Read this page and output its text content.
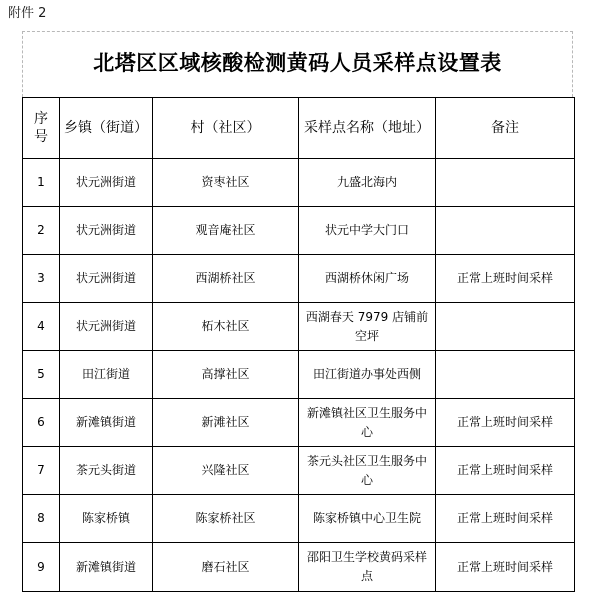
附件 2
北塔区区域核酸检测黄码人员采样点设置表
序
号	乡镇（街道）	村（社区）	采样点名称（地址）	备注
1	状元洲街道	资枣社区	九盛北海内	

2	状元洲街道	观音庵社区	状元中学大门口	

3	状元洲街道	西湖桥社区	西湖桥休闲广场	正常上班时间采样
4	状元洲街道	柘木社区	西湖春天 7979 店铺前
空坪	

5	田江街道	高撑社区	田江街道办事处西侧	

6	新滩镇街道	新滩社区	新滩镇社区卫生服务中
心	正常上班时间采样
7	茶元头街道	兴隆社区	茶元头社区卫生服务中
心	正常上班时间采样
8	陈家桥镇	陈家桥社区	陈家桥镇中心卫生院	正常上班时间采样
9	新滩镇街道	磨石社区	邵阳卫生学校黄码采样
点	正常上班时间采样
